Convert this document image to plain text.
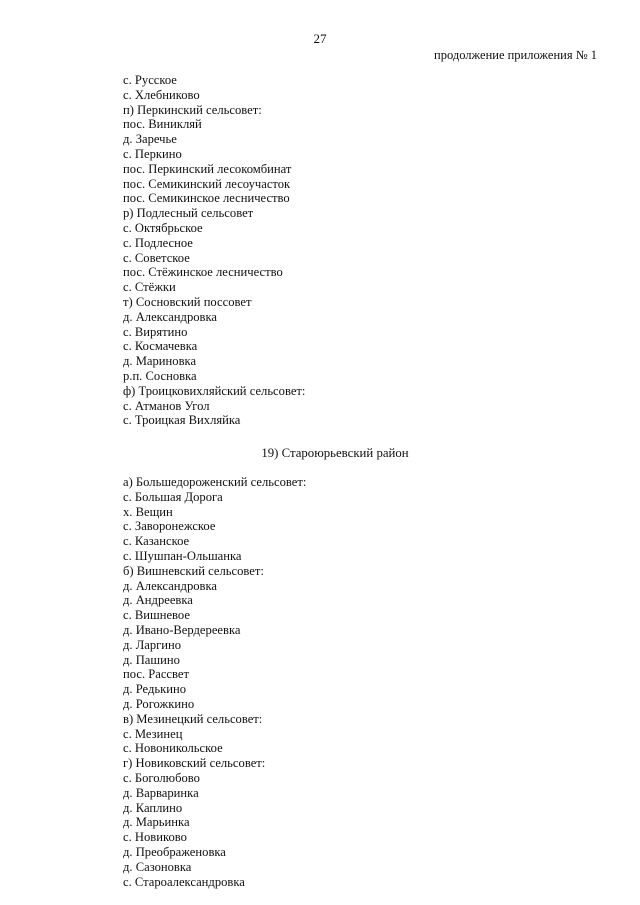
27
продолжение приложения № 1
с. Русское
с. Хлебниково
п) Перкинский сельсовет:
пос. Виникляй
д. Заречье
с. Перкино
пос. Перкинский лесокомбинат
пос. Семикинский лесоучасток
пос. Семикинское лесничество
р) Подлесный сельсовет
с. Октябрьское
с. Подлесное
с. Советское
пос. Стёжинское лесничество
с. Стёжки
т) Сосновский поссовет
д. Александровка
с. Вирятино
с. Космачевка
д. Мариновка
р.п. Сосновка
ф) Троицковихляйский сельсовет:
с. Атманов Угол
с. Троицкая Вихляйка
19) Староюрьевский район
а) Большедороженский сельсовет:
с. Большая Дорога
х. Вещин
с. Заворонежское
с. Казанское
с. Шушпан-Ольшанка
б) Вишневский сельсовет:
д. Александровка
д. Андреевка
с. Вишневое
д. Ивано-Вердереевка
д. Ларгино
д. Пашино
пос. Рассвет
д. Редькино
д. Рогожкино
в) Мезинецкий сельсовет:
с. Мезинец
с. Новоникольское
г) Новиковский сельсовет:
с. Боголюбово
д. Варваринка
д. Каплино
д. Марьинка
с. Новиково
д. Преображеновка
д. Сазоновка
с. Староалександровка
